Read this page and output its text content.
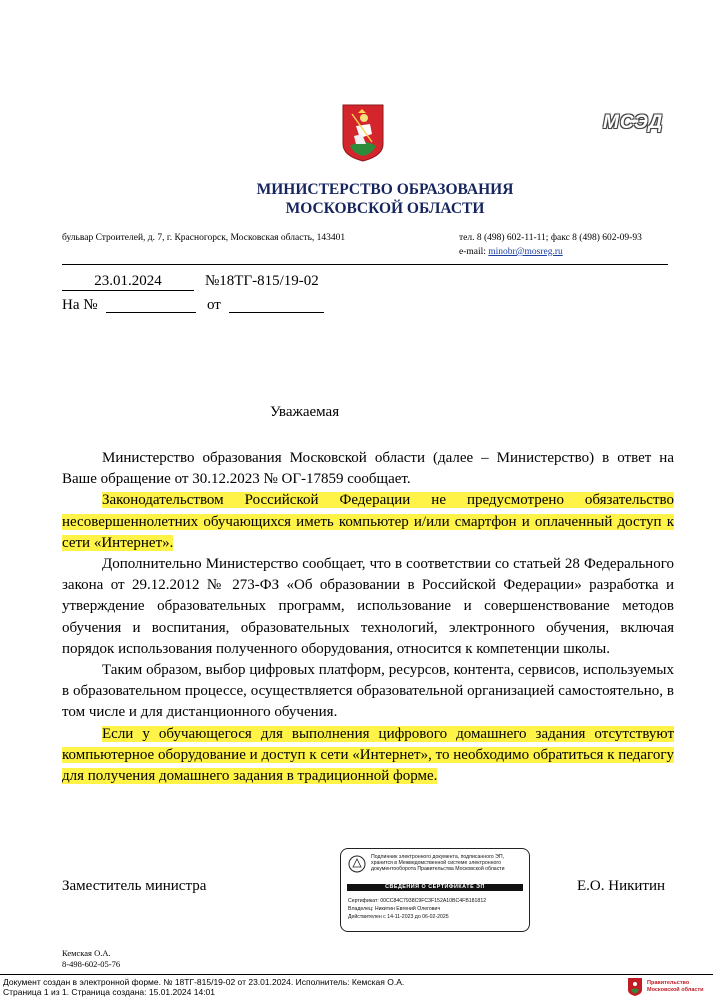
МСЭД
МИНИСТЕРСТВО ОБРАЗОВАНИЯ
МОСКОВСКОЙ ОБЛАСТИ
бульвар Строителей, д. 7, г. Красногорск, Московская область, 143401	тел. 8 (498) 602-11-11; факс 8 (498) 602-09-93
e-mail: minobr@mosreg.ru
23.01.2024	№18ТГ-815/19-02
На №	от
Уважаемая

Министерство образования Московской области (далее – Министерство) в ответ на Ваше обращение от 30.12.2023 № ОГ-17859 сообщает.

Законодательством Российской Федерации не предусмотрено обязательство несовершеннолетних обучающихся иметь компьютер и/или смартфон и оплаченный доступ к сети «Интернет».

Дополнительно Министерство сообщает, что в соответствии со статьей 28 Федерального закона от 29.12.2012 № 273-ФЗ «Об образовании в Российской Федерации» разработка и утверждение образовательных программ, использование и совершенствование методов обучения и воспитания, образовательных технологий, электронного обучения, включая порядок использования полученного оборудования, относится к компетенции школы.

Таким образом, выбор цифровых платформ, ресурсов, контента, сервисов, используемых в образовательном процессе, осуществляется образовательной организацией самостоятельно, в том числе и для дистанционного обучения.

Если у обучающегося для выполнения цифрового домашнего задания отсутствуют компьютерное оборудование и доступ к сети «Интернет», то необходимо обратиться к педагогу для получения домашнего задания в традиционной форме.

Заместитель министра	Е.О. Никитин
Подлинник электронного документа, подписанного ЭП, хранится в Межведомственной системе электронного документооборота Правительства Московской области
СВЕДЕНИЯ О СЕРТИФИКАТЕ ЭП
Сертификат: 00CC84C7938C9FC3F152A10BC4FB181812
Владелец: Никитин Евгений Олегович
Действителен с 14-11-2023 до 06-02-2025
Кемская О.А.
8-498-602-05-76
Документ создан в электронной форме. № 18ТГ-815/19-02 от 23.01.2024. Исполнитель: Кемская О.А.
Страница 1 из 1. Страница создана: 15.01.2024 14:01
Правительство
Московской области
